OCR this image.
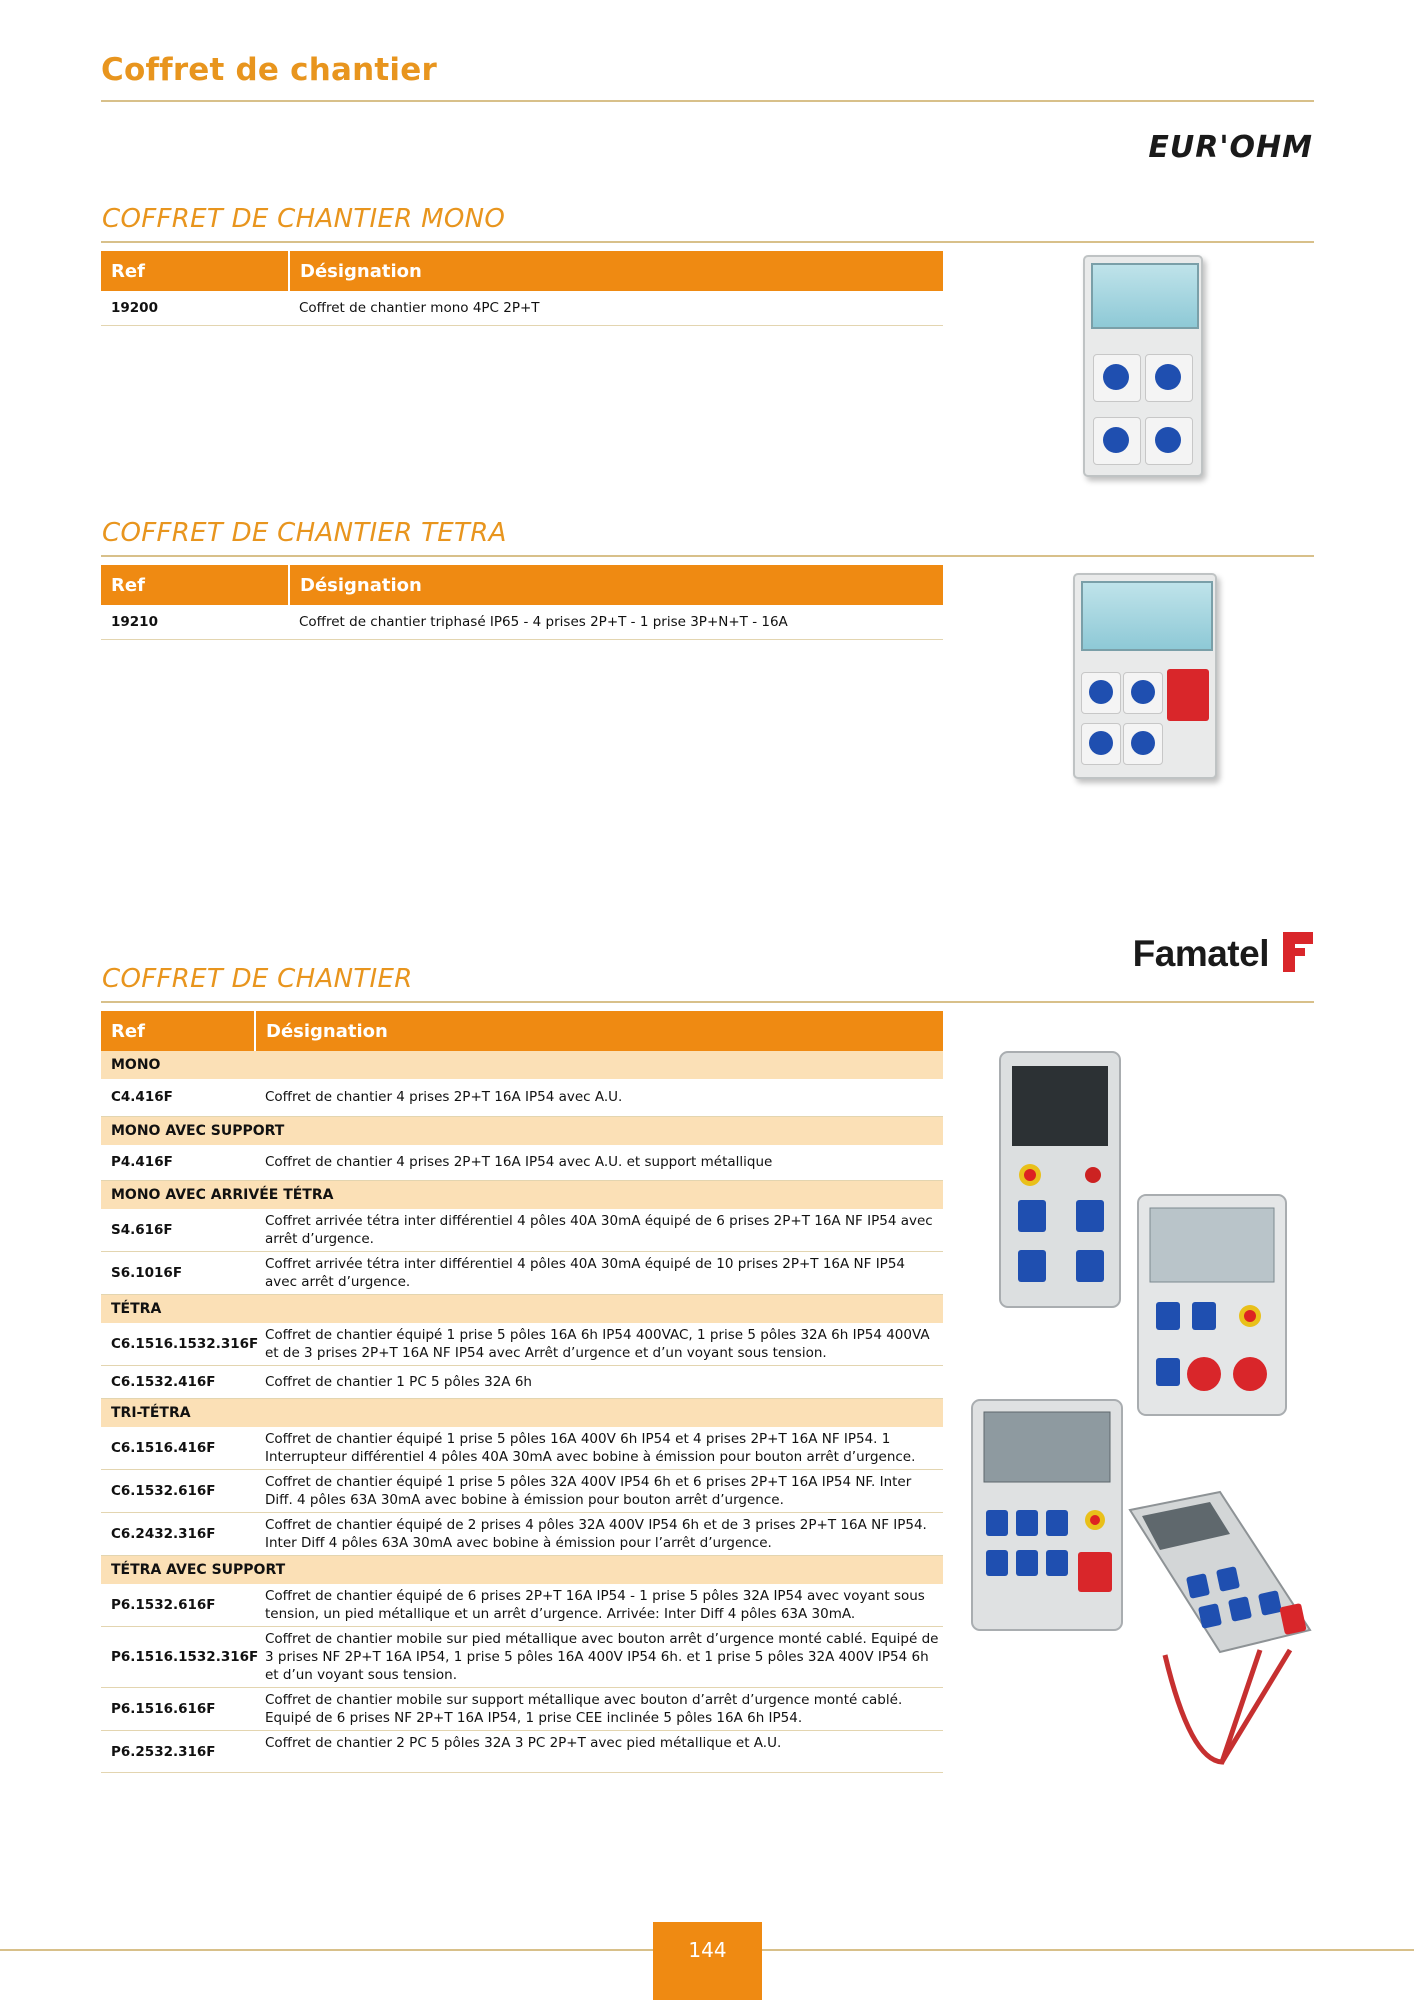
Coffret de chantier
EUR'OHM
COFFRET DE CHANTIER MONO
Ref	Désignation
19200	Coffret de chantier mono 4PC 2P+T
COFFRET DE CHANTIER TETRA
Ref	Désignation
19210	Coffret de chantier triphasé IP65 - 4 prises 2P+T - 1 prise 3P+N+T - 16A
Famatel
COFFRET DE CHANTIER
Ref	Désignation
MONO	
C4.416F	Coffret de chantier 4 prises 2P+T 16A IP54 avec A.U.
MONO AVEC SUPPORT	
P4.416F	Coffret de chantier 4 prises 2P+T 16A IP54 avec A.U. et support métallique
MONO AVEC ARRIVÉE TÉTRA	
S4.616F	Coffret arrivée tétra inter différentiel 4 pôles 40A 30mA équipé de 6 prises 2P+T 16A NF IP54 avec arrêt d’urgence.
S6.1016F	Coffret arrivée tétra inter différentiel 4 pôles 40A 30mA équipé de 10 prises 2P+T 16A NF IP54 avec arrêt d’urgence.
TÉTRA	
C6.1516.1532.316F	Coffret de chantier équipé 1 prise 5 pôles 16A 6h IP54 400VAC, 1 prise 5 pôles 32A 6h IP54 400VA et de 3 prises 2P+T 16A NF IP54 avec Arrêt d’urgence et d’un voyant sous tension.
C6.1532.416F	Coffret de chantier 1 PC 5 pôles 32A 6h
TRI-TÉTRA	
C6.1516.416F	Coffret de chantier équipé 1 prise 5 pôles 16A 400V 6h IP54 et 4 prises 2P+T 16A NF IP54. 1 Interrupteur différentiel 4 pôles 40A 30mA avec bobine à émission pour bouton arrêt d’urgence.
C6.1532.616F	Coffret de chantier équipé 1 prise 5 pôles 32A 400V IP54 6h et 6 prises 2P+T 16A IP54 NF. Inter Diff. 4 pôles 63A 30mA avec bobine à émission pour bouton arrêt d’urgence.
C6.2432.316F	Coffret de chantier équipé de 2 prises 4 pôles 32A 400V IP54 6h et de 3 prises 2P+T 16A NF IP54. Inter Diff 4 pôles 63A 30mA avec bobine à émission pour l’arrêt d’urgence.
TÉTRA AVEC SUPPORT	
P6.1532.616F	Coffret de chantier équipé de 6 prises 2P+T 16A IP54 - 1 prise 5 pôles 32A IP54 avec voyant sous tension, un pied métallique et un arrêt d’urgence. Arrivée: Inter Diff 4 pôles 63A 30mA.
P6.1516.1532.316F	Coffret de chantier mobile sur pied métallique avec bouton arrêt d’urgence monté cablé. Equipé de 3 prises NF 2P+T 16A IP54, 1 prise 5 pôles 16A 400V IP54 6h. et 1 prise 5 pôles 32A 400V IP54 6h et d’un voyant sous tension.
P6.1516.616F	Coffret de chantier mobile sur support métallique avec bouton d’arrêt d’urgence monté cablé. Equipé de 6 prises NF 2P+T 16A IP54, 1 prise CEE inclinée 5 pôles 16A 6h IP54.
P6.2532.316F	Coffret de chantier 2 PC 5 pôles 32A 3 PC 2P+T avec pied métallique et A.U.
144
